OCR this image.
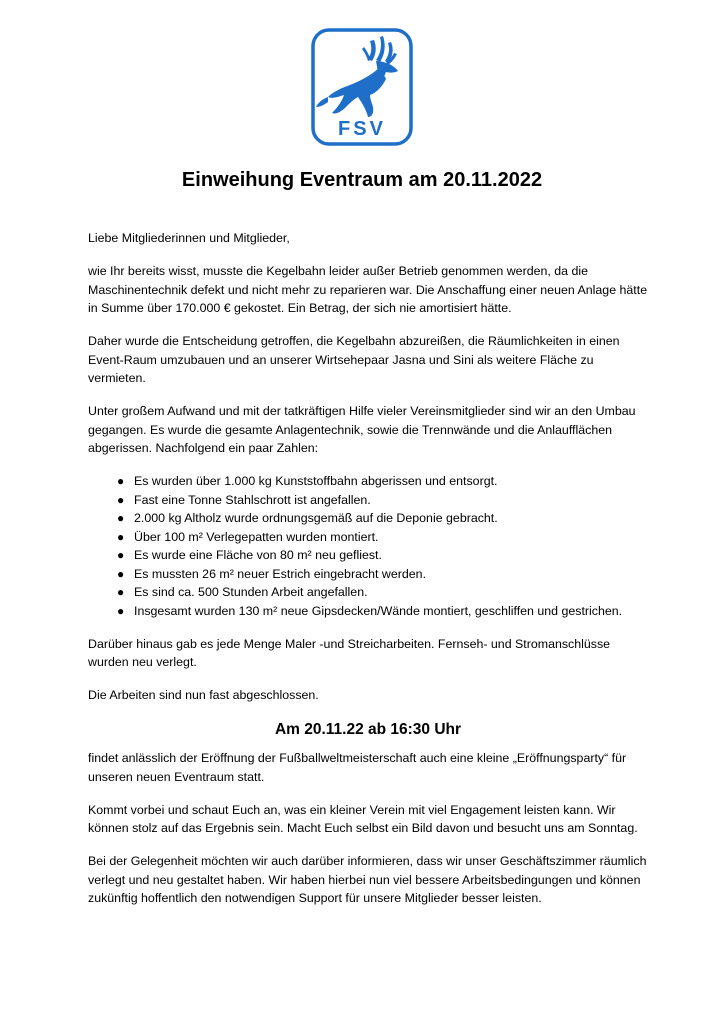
FSV
Einweihung Eventraum am 20.11.2022

Liebe Mitgliederinnen und Mitglieder,

wie Ihr bereits wisst, musste die Kegelbahn leider außer Betrieb genommen werden, da die Maschinentechnik defekt und nicht mehr zu reparieren war. Die Anschaffung einer neuen Anlage hätte in Summe über 170.000 € gekostet. Ein Betrag, der sich nie amortisiert hätte.

Daher wurde die Entscheidung getroffen, die Kegelbahn abzureißen, die Räumlichkeiten in einen Event-Raum umzubauen und an unserer Wirtsehepaar Jasna und Sini als weitere Fläche zu vermieten.

Unter großem Aufwand und mit der tatkräftigen Hilfe vieler Vereinsmitglieder sind wir an den Umbau gegangen. Es wurde die gesamte Anlagentechnik, sowie die Trennwände und die Anlaufflächen abgerissen. Nachfolgend ein paar Zahlen:

● Es wurden über 1.000 kg Kunststoffbahn abgerissen und entsorgt.
● Fast eine Tonne Stahlschrott ist angefallen.
● 2.000 kg Altholz wurde ordnungsgemäß auf die Deponie gebracht.
● Über 100 m² Verlegepatten wurden montiert.
● Es wurde eine Fläche von 80 m² neu gefliest.
● Es mussten 26 m² neuer Estrich eingebracht werden.
● Es sind ca. 500 Stunden Arbeit angefallen.
● Insgesamt wurden 130 m² neue Gipsdecken/Wände montiert, geschliffen und gestrichen.

Darüber hinaus gab es jede Menge Maler -und Streicharbeiten. Fernseh- und Stromanschlüsse wurden neu verlegt.

Die Arbeiten sind nun fast abgeschlossen.

Am 20.11.22 ab 16:30 Uhr

findet anlässlich der Eröffnung der Fußballweltmeisterschaft auch eine kleine „Eröffnungsparty“ für unseren neuen Eventraum statt.

Kommt vorbei und schaut Euch an, was ein kleiner Verein mit viel Engagement leisten kann. Wir können stolz auf das Ergebnis sein. Macht Euch selbst ein Bild davon und besucht uns am Sonntag.

Bei der Gelegenheit möchten wir auch darüber informieren, dass wir unser Geschäftszimmer räumlich verlegt und neu gestaltet haben. Wir haben hierbei nun viel bessere Arbeitsbedingungen und können zukünftig hoffentlich den notwendigen Support für unsere Mitglieder besser leisten.
